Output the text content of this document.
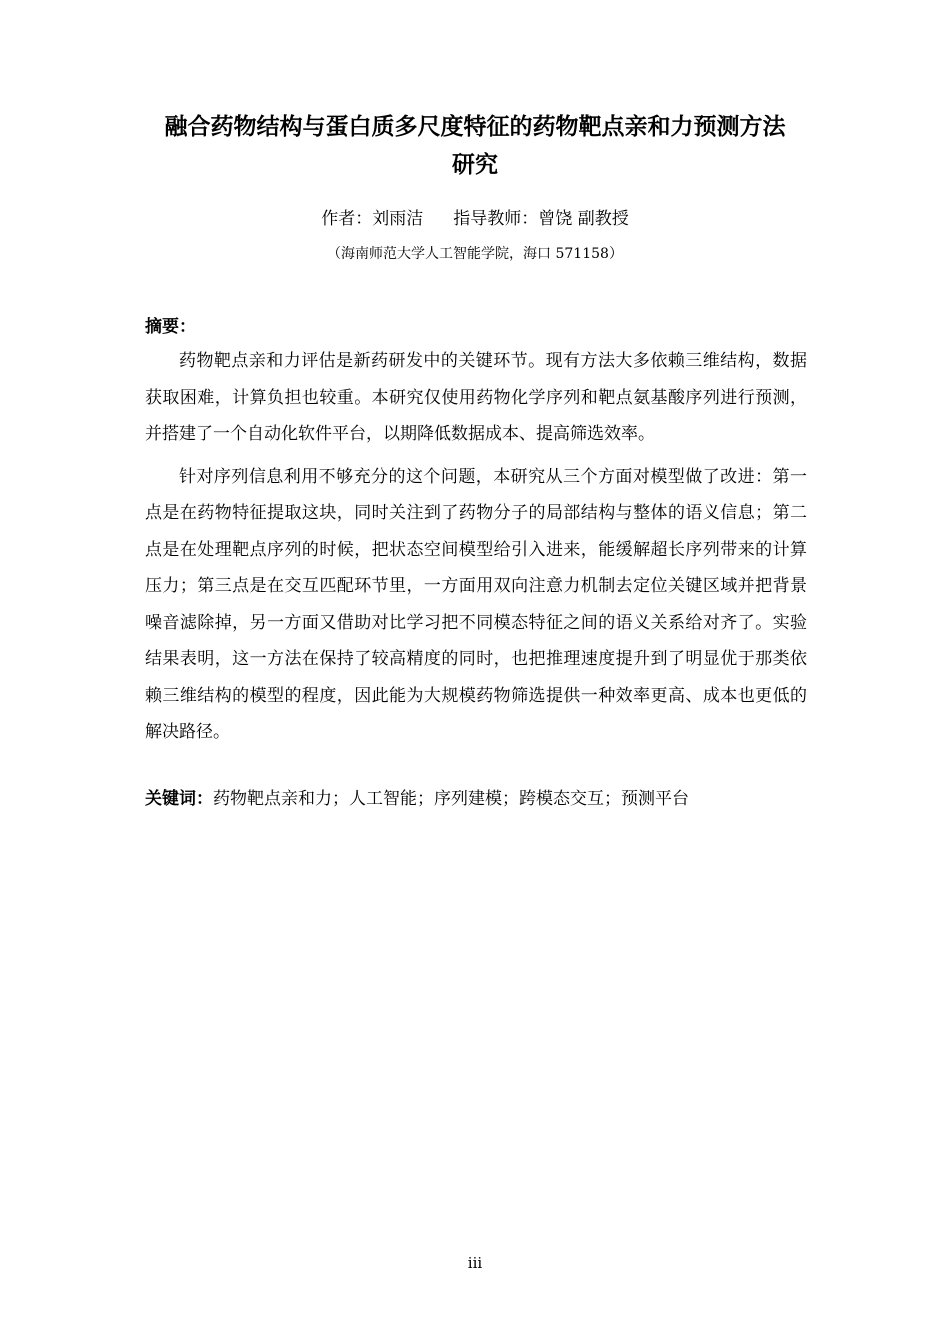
融合药物结构与蛋白质多尺度特征的药物靶点亲和力预测方法
研究
作者：刘雨洁 指导教师：曾饶 副教授
（海南师范大学人工智能学院，海口 571158）
摘要：

药物靶点亲和力评估是新药研发中的关键环节。现有方法大多依赖三维结构，数据获取困难，计算负担也较重。本研究仅使用药物化学序列和靶点氨基酸序列进行预测，并搭建了一个自动化软件平台，以期降低数据成本、提高筛选效率。

针对序列信息利用不够充分的这个问题，本研究从三个方面对模型做了改进：第一点是在药物特征提取这块，同时关注到了药物分子的局部结构与整体的语义信息；第二点是在处理靶点序列的时候，把状态空间模型给引入进来，能缓解超长序列带来的计算压力；第三点是在交互匹配环节里，一方面用双向注意力机制去定位关键区域并把背景噪音滤除掉，另一方面又借助对比学习把不同模态特征之间的语义关系给对齐了。实验结果表明，这一方法在保持了较高精度的同时，也把推理速度提升到了明显优于那类依赖三维结构的模型的程度，因此能为大规模药物筛选提供一种效率更高、成本也更低的解决路径。

关键词：药物靶点亲和力；人工智能；序列建模；跨模态交互；预测平台
iii
